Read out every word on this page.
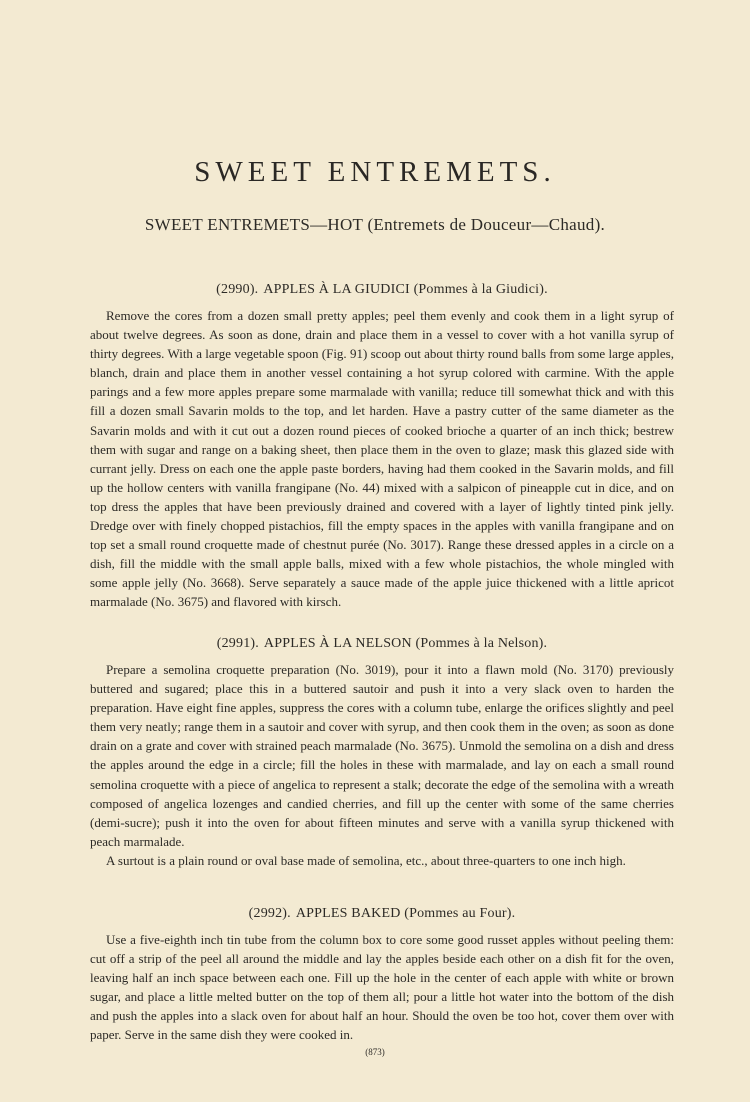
SWEET ENTREMETS.
SWEET ENTREMETS—HOT (Entremets de Douceur—Chaud).
(2990). APPLES À LA GIUDICI (Pommes à la Giudici).

Remove the cores from a dozen small pretty apples; peel them evenly and cook them in a light syrup of about twelve degrees. As soon as done, drain and place them in a vessel to cover with a hot vanilla syrup of thirty degrees. With a large vegetable spoon (Fig. 91) scoop out about thirty round balls from some large apples, blanch, drain and place them in another vessel containing a hot syrup colored with carmine. With the apple parings and a few more apples prepare some marmalade with vanilla; reduce till somewhat thick and with this fill a dozen small Savarin molds to the top, and let harden. Have a pastry cutter of the same diameter as the Savarin molds and with it cut out a dozen round pieces of cooked brioche a quarter of an inch thick; bestrew them with sugar and range on a baking sheet, then place them in the oven to glaze; mask this glazed side with currant jelly. Dress on each one the apple paste borders, having had them cooked in the Savarin molds, and fill up the hollow centers with vanilla frangipane (No. 44) mixed with a salpicon of pineapple cut in dice, and on top dress the apples that have been previously drained and covered with a layer of lightly tinted pink jelly. Dredge over with finely chopped pistachios, fill the empty spaces in the apples with vanilla frangipane and on top set a small round croquette made of chestnut purée (No. 3017). Range these dressed apples in a circle on a dish, fill the middle with the small apple balls, mixed with a few whole pistachios, the whole mingled with some apple jelly (No. 3668). Serve separately a sauce made of the apple juice thickened with a little apricot marmalade (No. 3675) and flavored with kirsch.

(2991). APPLES À LA NELSON (Pommes à la Nelson).

Prepare a semolina croquette preparation (No. 3019), pour it into a flawn mold (No. 3170) previously buttered and sugared; place this in a buttered sautoir and push it into a very slack oven to harden the preparation. Have eight fine apples, suppress the cores with a column tube, enlarge the orifices slightly and peel them very neatly; range them in a sautoir and cover with syrup, and then cook them in the oven; as soon as done drain on a grate and cover with strained peach marmalade (No. 3675). Unmold the semolina on a dish and dress the apples around the edge in a circle; fill the holes in these with marmalade, and lay on each a small round semolina croquette with a piece of angelica to represent a stalk; decorate the edge of the semolina with a wreath composed of angelica lozenges and candied cherries, and fill up the center with some of the same cherries (demi-sucre); push it into the oven for about fifteen minutes and serve with a vanilla syrup thickened with peach marmalade.

A surtout is a plain round or oval base made of semolina, etc., about three-quarters to one inch high.

(2992). APPLES BAKED (Pommes au Four).

Use a five-eighth inch tin tube from the column box to core some good russet apples without peeling them: cut off a strip of the peel all around the middle and lay the apples beside each other on a dish fit for the oven, leaving half an inch space between each one. Fill up the hole in the center of each apple with white or brown sugar, and place a little melted butter on the top of them all; pour a little hot water into the bottom of the dish and push the apples into a slack oven for about half an hour. Should the oven be too hot, cover them over with paper. Serve in the same dish they were cooked in.

(873)
